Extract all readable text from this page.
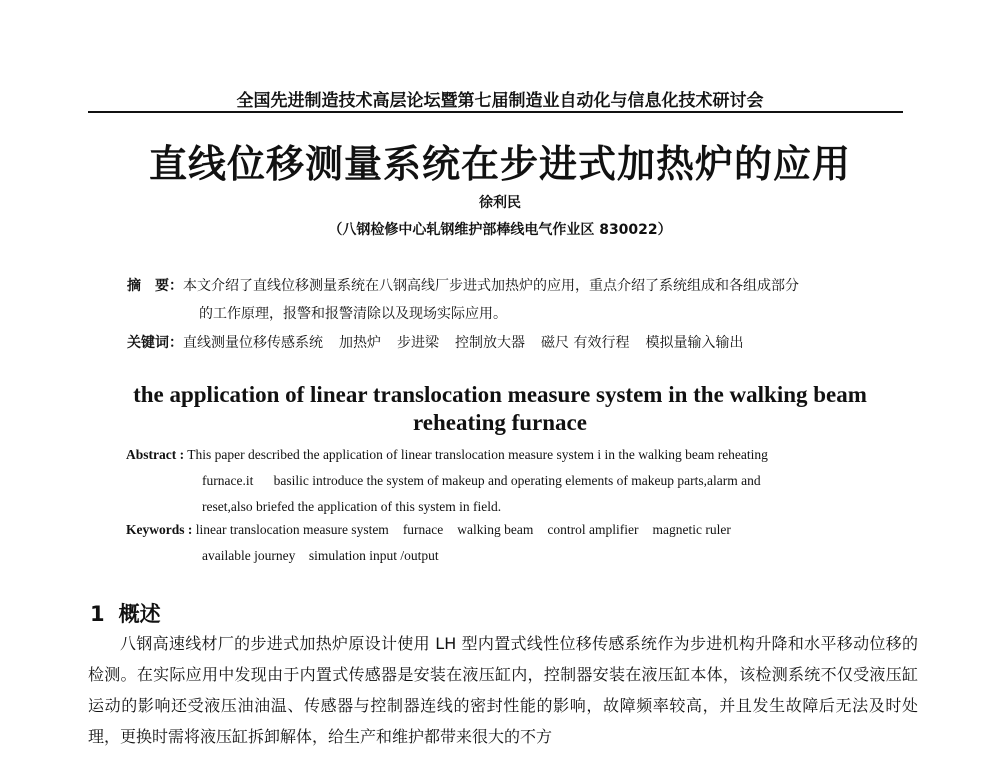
全国先进制造技术高层论坛暨第七届制造业自动化与信息化技术研讨会
直线位移测量系统在步进式加热炉的应用
徐利民
（八钢检修中心轧钢维护部棒线电气作业区 830022）
摘　要：本文介绍了直线位移测量系统在八钢高线厂步进式加热炉的应用，重点介绍了系统组成和各组成部分
的工作原理，报警和报警清除以及现场实际应用。
关键词：直线测量位移传感系统 加热炉 步进梁 控制放大器 磁尺 有效行程 模拟量输入输出
the application of linear translocation measure system in the walking beam
reheating furnace
Abstract : This paper described the application of linear translocation measure system i in the walking beam reheating
furnace.it      basilic introduce the system of makeup and operating elements of makeup parts,alarm and
reset,also briefed the application of this system in field.
Keywords : linear translocation measure system furnace walking beam control amplifier magnetic ruler
available journey    simulation input /output
1 概述

八钢高速线材厂的步进式加热炉原设计使用 LH 型内置式线性位移传感系统作为步进机构升降和水平移动位移的检测。在实际应用中发现由于内置式传感器是安装在液压缸内，控制器安装在液压缸本体，该检测系统不仅受液压缸运动的影响还受液压油油温、传感器与控制器连线的密封性能的影响，故障频率较高，并且发生故障后无法及时处理，更换时需将液压缸拆卸解体，给生产和维护都带来很大的不方
